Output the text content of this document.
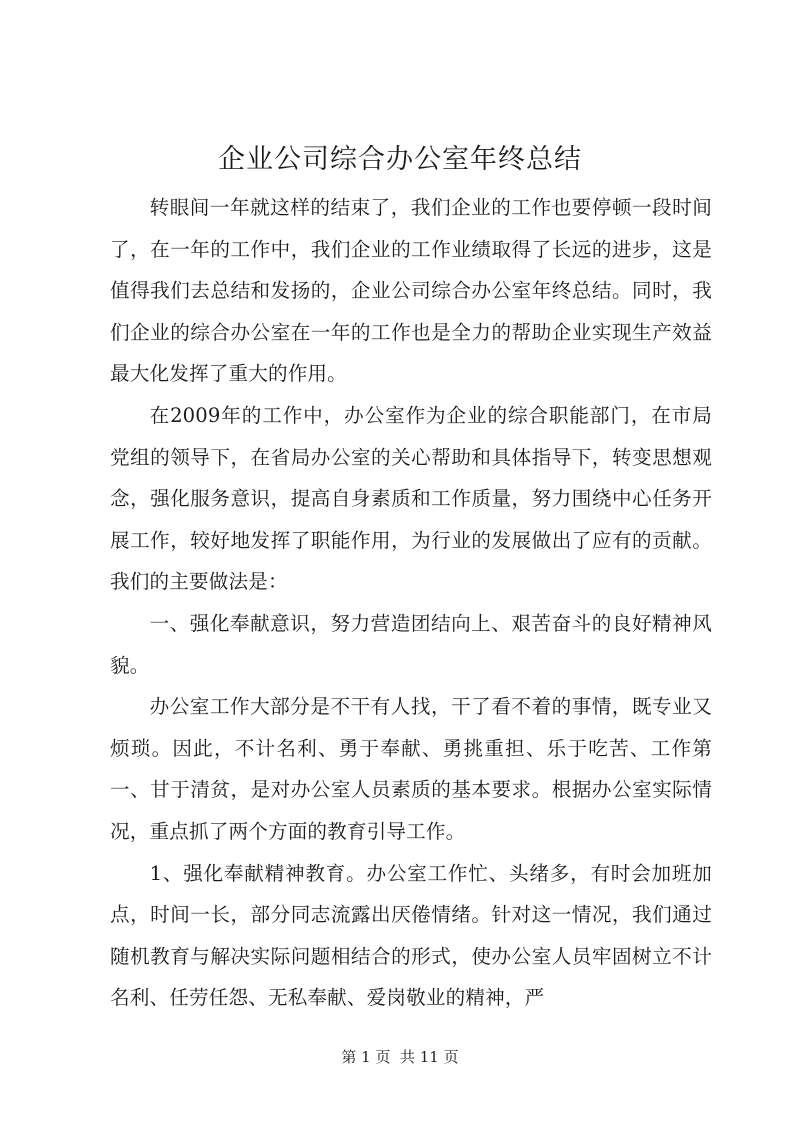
企业公司综合办公室年终总结

转眼间一年就这样的结束了，我们企业的工作也要停顿一段时间了，在一年的工作中，我们企业的工作业绩取得了长远的进步，这是值得我们去总结和发扬的，企业公司综合办公室年终总结。同时，我们企业的综合办公室在一年的工作也是全力的帮助企业实现生产效益最大化发挥了重大的作用。

在2009年的工作中，办公室作为企业的综合职能部门，在市局党组的领导下，在省局办公室的关心帮助和具体指导下，转变思想观念，强化服务意识，提高自身素质和工作质量，努力围绕中心任务开展工作，较好地发挥了职能作用，为行业的发展做出了应有的贡献。我们的主要做法是：

一、强化奉献意识，努力营造团结向上、艰苦奋斗的良好精神风貌。

办公室工作大部分是不干有人找，干了看不着的事情，既专业又烦琐。因此，不计名利、勇于奉献、勇挑重担、乐于吃苦、工作第一、甘于清贫，是对办公室人员素质的基本要求。根据办公室实际情况，重点抓了两个方面的教育引导工作。

1、强化奉献精神教育。办公室工作忙、头绪多，有时会加班加点，时间一长，部分同志流露出厌倦情绪。针对这一情况，我们通过随机教育与解决实际问题相结合的形式，使办公室人员牢固树立不计名利、任劳任怨、无私奉献、爱岗敬业的精神，严

第 1 页  共 11 页
